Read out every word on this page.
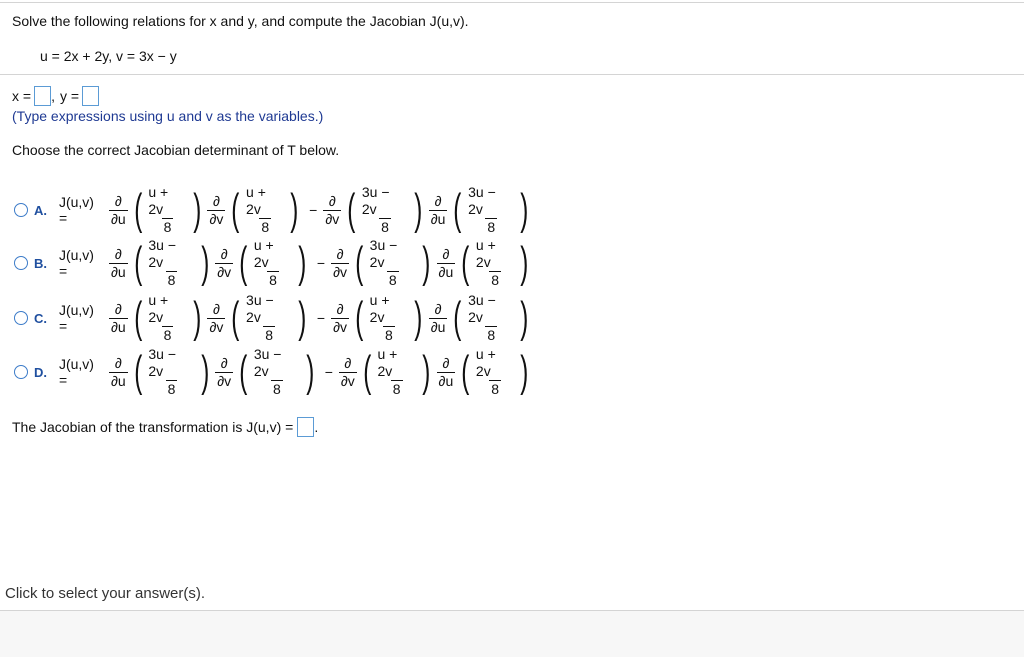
Solve the following relations for x and y, and compute the Jacobian J(u,v).
u = 2x + 2y, v = 3x − y
x = , y =
(Type expressions using u and v as the variables.)
Choose the correct Jacobian determinant of T below.
A. J(u,v) =	$\frac{\partial}{\partial u}$ ( $\frac{u + 2v}{8}$ ) $\frac{\partial}{\partial v}$ ( $\frac{u + 2v}{8}$ ) − $\frac{\partial}{\partial v}$ ( $\frac{3u - 2v}{8}$ ) $\frac{\partial}{\partial u}$ ( $\frac{3u - 2v}{8}$ )
B. J(u,v) =	$\frac{\partial}{\partial u}$ ( $\frac{3u - 2v}{8}$ ) $\frac{\partial}{\partial v}$ ( $\frac{u + 2v}{8}$ ) − $\frac{\partial}{\partial v}$ ( $\frac{3u - 2v}{8}$ ) $\frac{\partial}{\partial u}$ ( $\frac{u + 2v}{8}$ )
C. J(u,v) =	$\frac{\partial}{\partial u}$ ( $\frac{u + 2v}{8}$ ) $\frac{\partial}{\partial v}$ ( $\frac{3u - 2v}{8}$ ) − $\frac{\partial}{\partial v}$ ( $\frac{u + 2v}{8}$ ) $\frac{\partial}{\partial u}$ ( $\frac{3u - 2v}{8}$ )
D. J(u,v) =	$\frac{\partial}{\partial u}$ ( $\frac{3u - 2v}{8}$ ) $\frac{\partial}{\partial v}$ ( $\frac{3u - 2v}{8}$ ) − $\frac{\partial}{\partial v}$ ( $\frac{u + 2v}{8}$ ) $\frac{\partial}{\partial u}$ ( $\frac{u + 2v}{8}$ )
The Jacobian of the transformation is J(u,v) = .
Click to select your answer(s).
